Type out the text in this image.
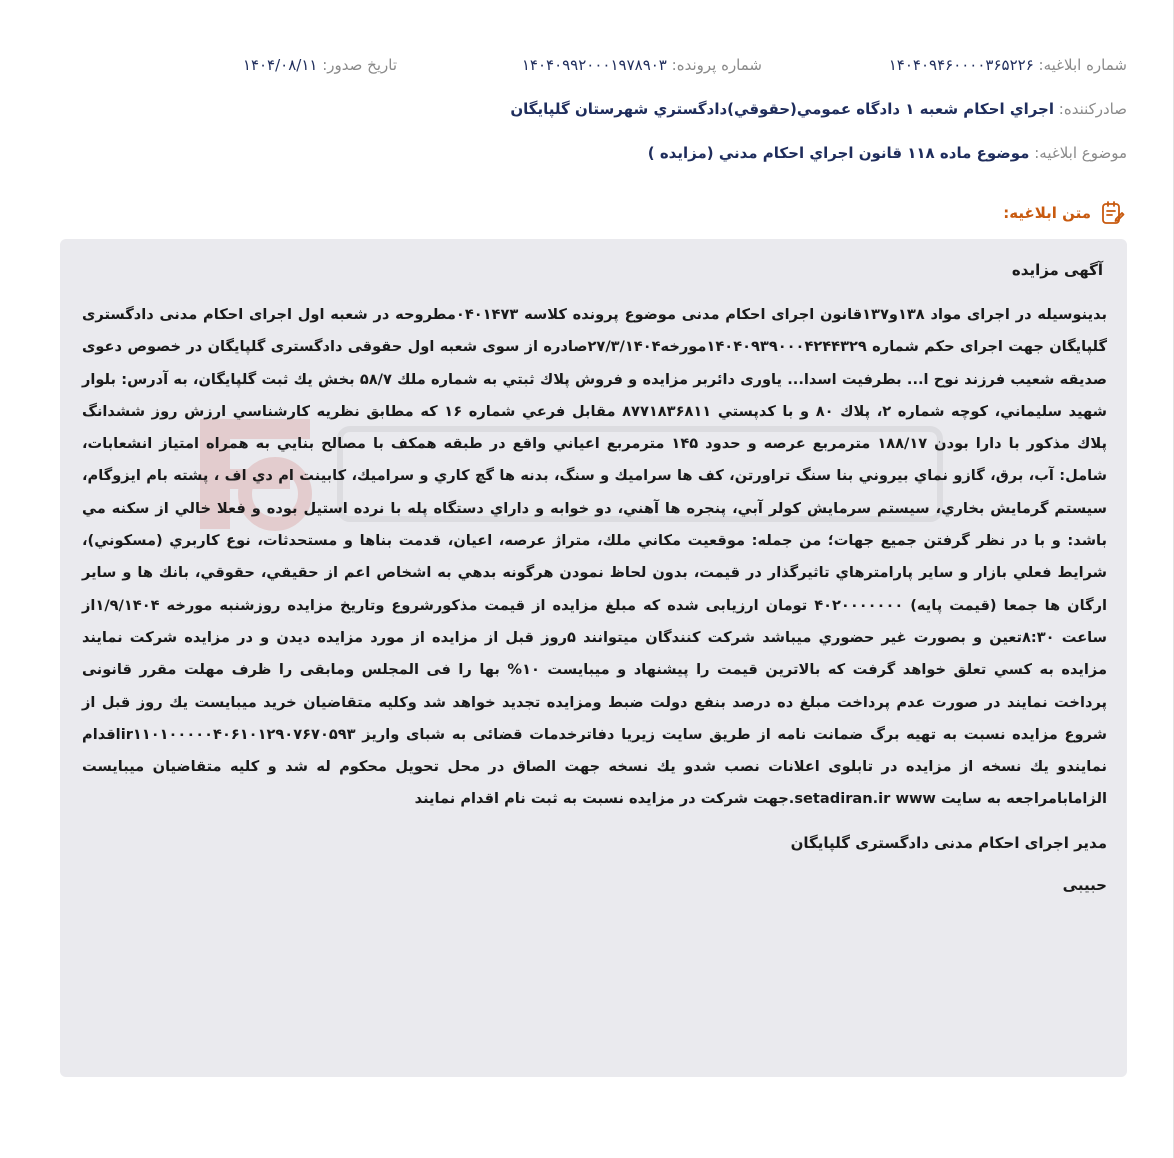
شماره ابلاغیه: ۱۴۰۴۰۹۴۶۰۰۰۰۳۶۵۲۲۶
شماره پرونده: ۱۴۰۴۰۹۹۲۰۰۰۱۹۷۸۹۰۳
تاریخ صدور: ۱۴۰۴/۰۸/۱۱
صادرکننده: اجراي احكام شعبه ۱ دادگاه عمومي(حقوقي)دادگستري شهرستان گلپايگان
موضوع ابلاغیه: موضوع ماده ۱۱۸ قانون اجراي احكام مدني (مزايده )
متن ابلاغیه:
آگهی مزایده

بدینوسیله در اجرای مواد ۱۳۸و۱۳۷قانون اجرای احکام مدنی موضوع پرونده کلاسه ۰۴۰۱۴۷۳مطروحه در شعبه اول اجرای احکام مدنی دادگستری گلپایگان جهت اجرای حکم شماره ۱۴۰۴۰۹۳۹۰۰۰۴۲۴۴۳۲۹مورخه۲۷/۳/۱۴۰۴صادره از سوی شعبه اول حقوقی دادگستری گلپایگان در خصوص دعوی صدیقه شعیب فرزند نوح ا... بطرفیت اسدا... یاوری دائربر مزايده و فروش پلاك ثبتي به شماره ملك ۵۸/۷ بخش يك ثبت گلپايگان، به آدرس: بلوار شهيد سليماني، كوچه شماره ۲، پلاك ۸۰ و با كدپستي ۸۷۷۱۸۳۶۸۱۱ مقابل فرعي شماره ۱۶ كه مطابق نظريه كارشناسي ارزش روز ششدانگ پلاك مذكور با دارا بودن ۱۸۸/۱۷ مترمربع عرصه و حدود ۱۴۵ مترمربع اعياني واقع در طبقه همكف با مصالح بنايي به همراه امتياز انشعابات، شامل: آب، برق، گازو نماي بيروني بنا سنگ تراورتن، كف ها سراميك و سنگ، بدنه ها گچ كاري و سراميك، كابينت ام دي اف ، پشته بام ايزوگام، سيستم گرمايش بخاري، سيستم سرمايش كولر آبي، پنجره ها آهني، دو خوابه و داراي دستگاه پله با نرده استيل بوده و فعلا خالي از سكنه مي باشد: و با در نظر گرفتن جميع جهات؛ من جمله: موقعيت مكاني ملك، متراژ عرصه، اعيان، قدمت بناها و مستحدثات، نوع كاربري (مسكوني)، شرايط فعلي بازار و ساير پارامترهاي تاثيرگذار در قيمت، بدون لحاظ نمودن هرگونه بدهي به اشخاص اعم از حقيقي، حقوقي، بانك ها و ساير ارگان ها جمعا (قيمت پايه) ۴۰۲۰۰۰۰۰۰۰ تومان ارزیابی شده که مبلغ مزايده از قيمت مذكورشروع وتاريخ مزايده روزشنبه مورخه ۱/۹/۱۴۰۴از ساعت ۸:۳۰تعين و بصورت غير حضوري ميباشد شركت كنندگان ميتوانند ۵روز قبل از مزايده از مورد مزايده ديدن و در مزايده شركت نمايند مزايده به كسي تعلق خواهد گرفت كه بالاترين قيمت را پيشنهاد و ميبايست ۱۰% بها را فی المجلس ومابقی را ظرف مهلت مقرر قانونی پرداخت نمایند در صورت عدم پرداخت مبلغ ده درصد بنفع دولت ضبط ومزایده تجدید خواهد شد وكليه متقاضيان خريد ميبايست يك روز قبل از شروع مزايده نسبت به تهيه برگ ضمانت نامه از طريق سايت زيريا دفاترخدمات قضائی به شبای واريز ir۱۱۰۱۰۰۰۰۰۴۰۶۱۰۱۲۹۰۷۶۷۰۵۹۳اقدام نمايندو يك نسخه از مزايده در تابلوی اعلانات نصب شدو يك نسخه جهت الصاق در محل تحويل محكوم له شد و كليه متقاضيان ميبايست الزامابامراجعه به سايت setadiran.ir www.جهت شركت در مزايده نسبت به ثبت نام اقدام نمايند

مدیر اجرای احکام مدنی دادگستری گلپایگان
حبیبی
